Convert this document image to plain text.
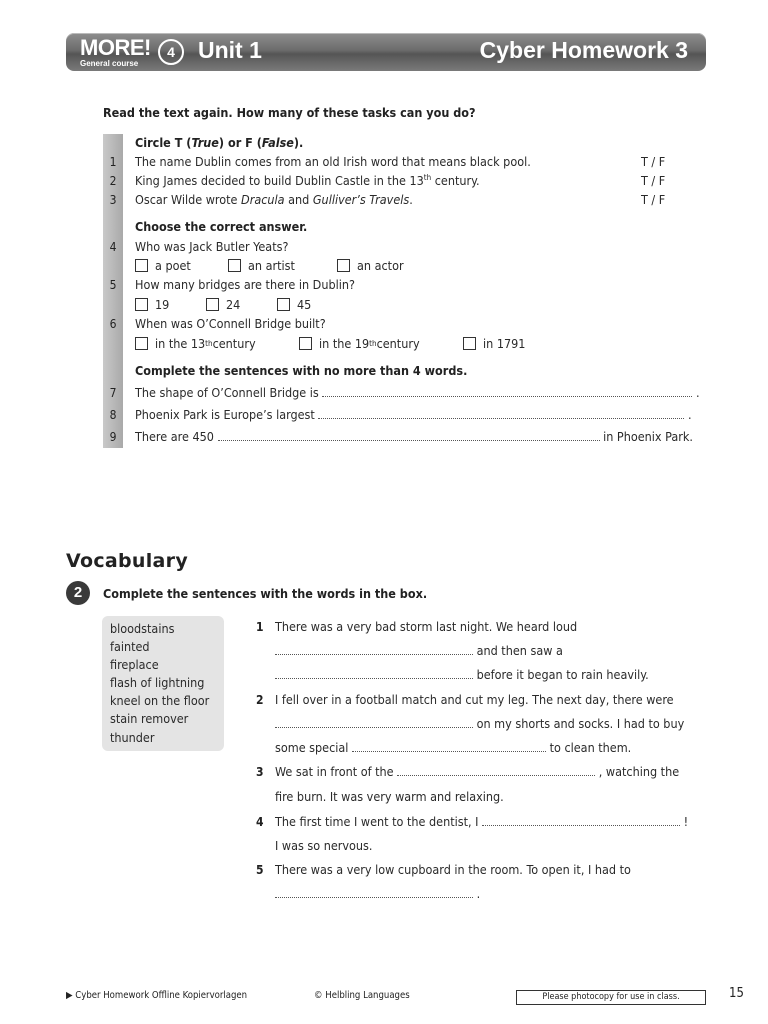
MORE!
General course
4	Unit 1	Cyber Homework 3
Read the text again. How many of these tasks can you do?
Circle T (True) or F (False).
1	The name Dublin comes from an old Irish word that means black pool.	T / F
2	King James decided to build Dublin Castle in the 13th century.	T / F
3	Oscar Wilde wrote Dracula and Gulliver’s Travels.	T / F
Choose the correct answer.
4	Who was Jack Butler Yeats?
a poet	an artist	an actor
5	How many bridges are there in Dublin?
19	24	45
6	When was O’Connell Bridge built?
in the 13 th century	in the 19 th century	in 1791
Complete the sentences with no more than 4 words.
7	The shape of O’Connell Bridge is	.
8	Phoenix Park is Europe’s largest	.
9	There are 450	in Phoenix Park.
Vocabulary
2	Complete the sentences with the words in the box.
bloodstains
fainted
fireplace
flash of lightning
kneel on the floor
stain remover
thunder
1 There was a very bad storm last night. We heard loud
and then saw a
before it began to rain heavily.
2 I fell over in a football match and cut my leg. The next day, there were
on my shorts and socks. I had to buy
some special	to clean them.
3 We sat in front of the	, watching the
fire burn. It was very warm and relaxing.
4 The first time I went to the dentist, I	!
I was so nervous.
5 There was a very low cupboard in the room. To open it, I had to
.
▶ Cyber Homework Offline Kopiervorlagen	© Helbling Languages	Please photocopy for use in class.	15
